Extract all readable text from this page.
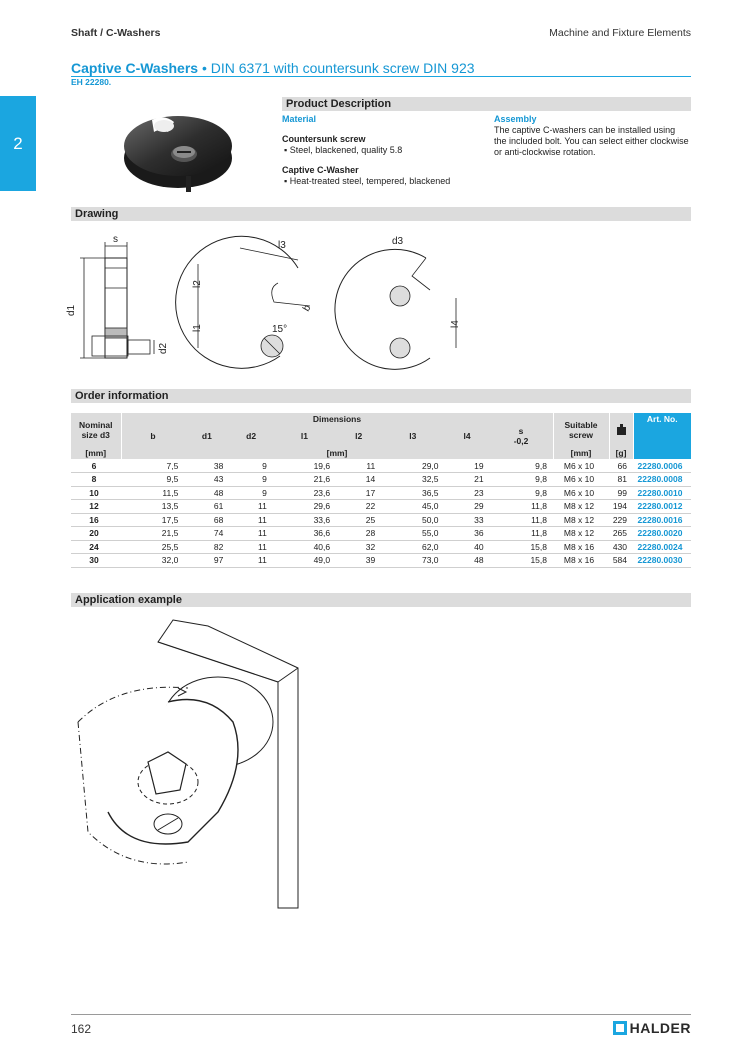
Shaft / C-Washers	Machine and Fixture Elements
2
Captive C-Washers • DIN 6371 with countersunk screw DIN 923
EH 22280.
Product Description
Material
Countersunk screw
▪ Steel, blackened, quality 5.8
Captive C-Washer
▪ Heat-treated steel, tempered, blackened
Assembly
The captive C-washers can be installed using the included bolt. You can select either clockwise or anti-clockwise rotation.
Drawing
s
d1
d2
15°
l3
l2
l1
b
l4
d3
Order information
Nominal size d3	Dimensions								Suitable screw		Art. No.
	b	d1	d2	l1	l2	l3	l4	s
-0,2			
[mm]	[mm]								[mm]	[g]	
6	7,5	38	9	19,6	11	29,0	19	9,8		M6 x 10	66	22280.0006
8	9,5	43	9	21,6	14	32,5	21	9,8		M6 x 10	81	22280.0008
10	11,5	48	9	23,6	17	36,5	23	9,8		M6 x 10	99	22280.0010
12	13,5	61	11	29,6	22	45,0	29	11,8		M8 x 12	194	22280.0012
16	17,5	68	11	33,6	25	50,0	33	11,8		M8 x 12	229	22280.0016
20	21,5	74	11	36,6	28	55,0	36	11,8		M8 x 12	265	22280.0020
24	25,5	82	11	40,6	32	62,0	40	15,8		M8 x 16	430	22280.0024
30	32,0	97	11	49,0	39	73,0	48	15,8		M8 x 16	584	22280.0030
Application example
162	HALDER
